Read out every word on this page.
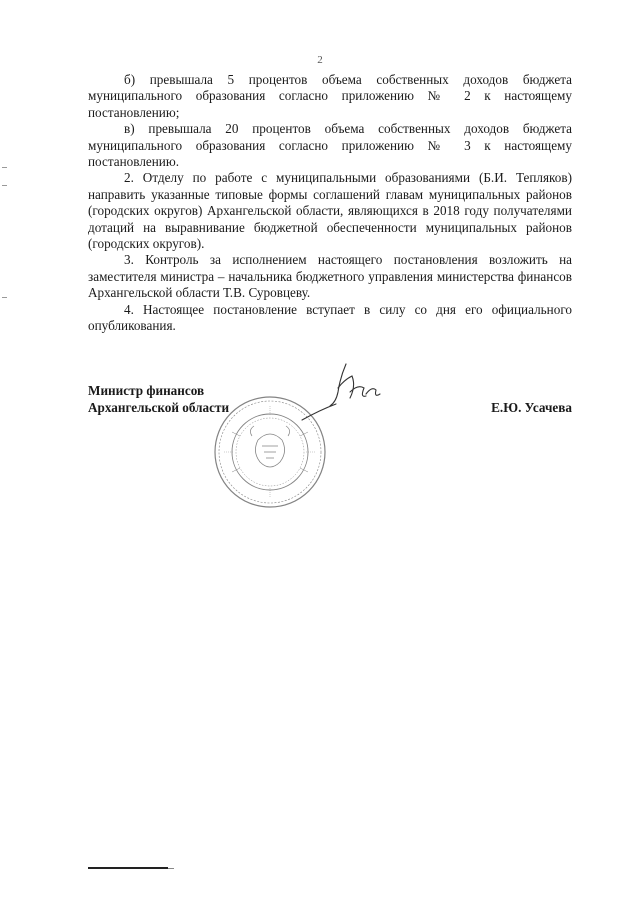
2

б) превышала 5 процентов объема собственных доходов бюджета муниципального образования согласно приложению № 2 к настоящему постановлению;

в) превышала 20 процентов объема собственных доходов бюджета муниципального образования согласно приложению № 3 к настоящему постановлению.

2. Отделу по работе с муниципальными образованиями (Б.И. Тепляков) направить указанные типовые формы соглашений главам муниципальных районов (городских округов) Архангельской области, являющихся в 2018 году получателями дотаций на выравнивание бюджетной обеспеченности муниципальных районов (городских округов).

3. Контроль за исполнением настоящего постановления возложить на заместителя министра – начальника бюджетного управления министерства финансов Архангельской области Т.В. Суровцеву.

4. Настоящее постановление вступает в силу со дня его официального опубликования.

Министр финансов
Архангельской области	Е.Ю. Усачева
